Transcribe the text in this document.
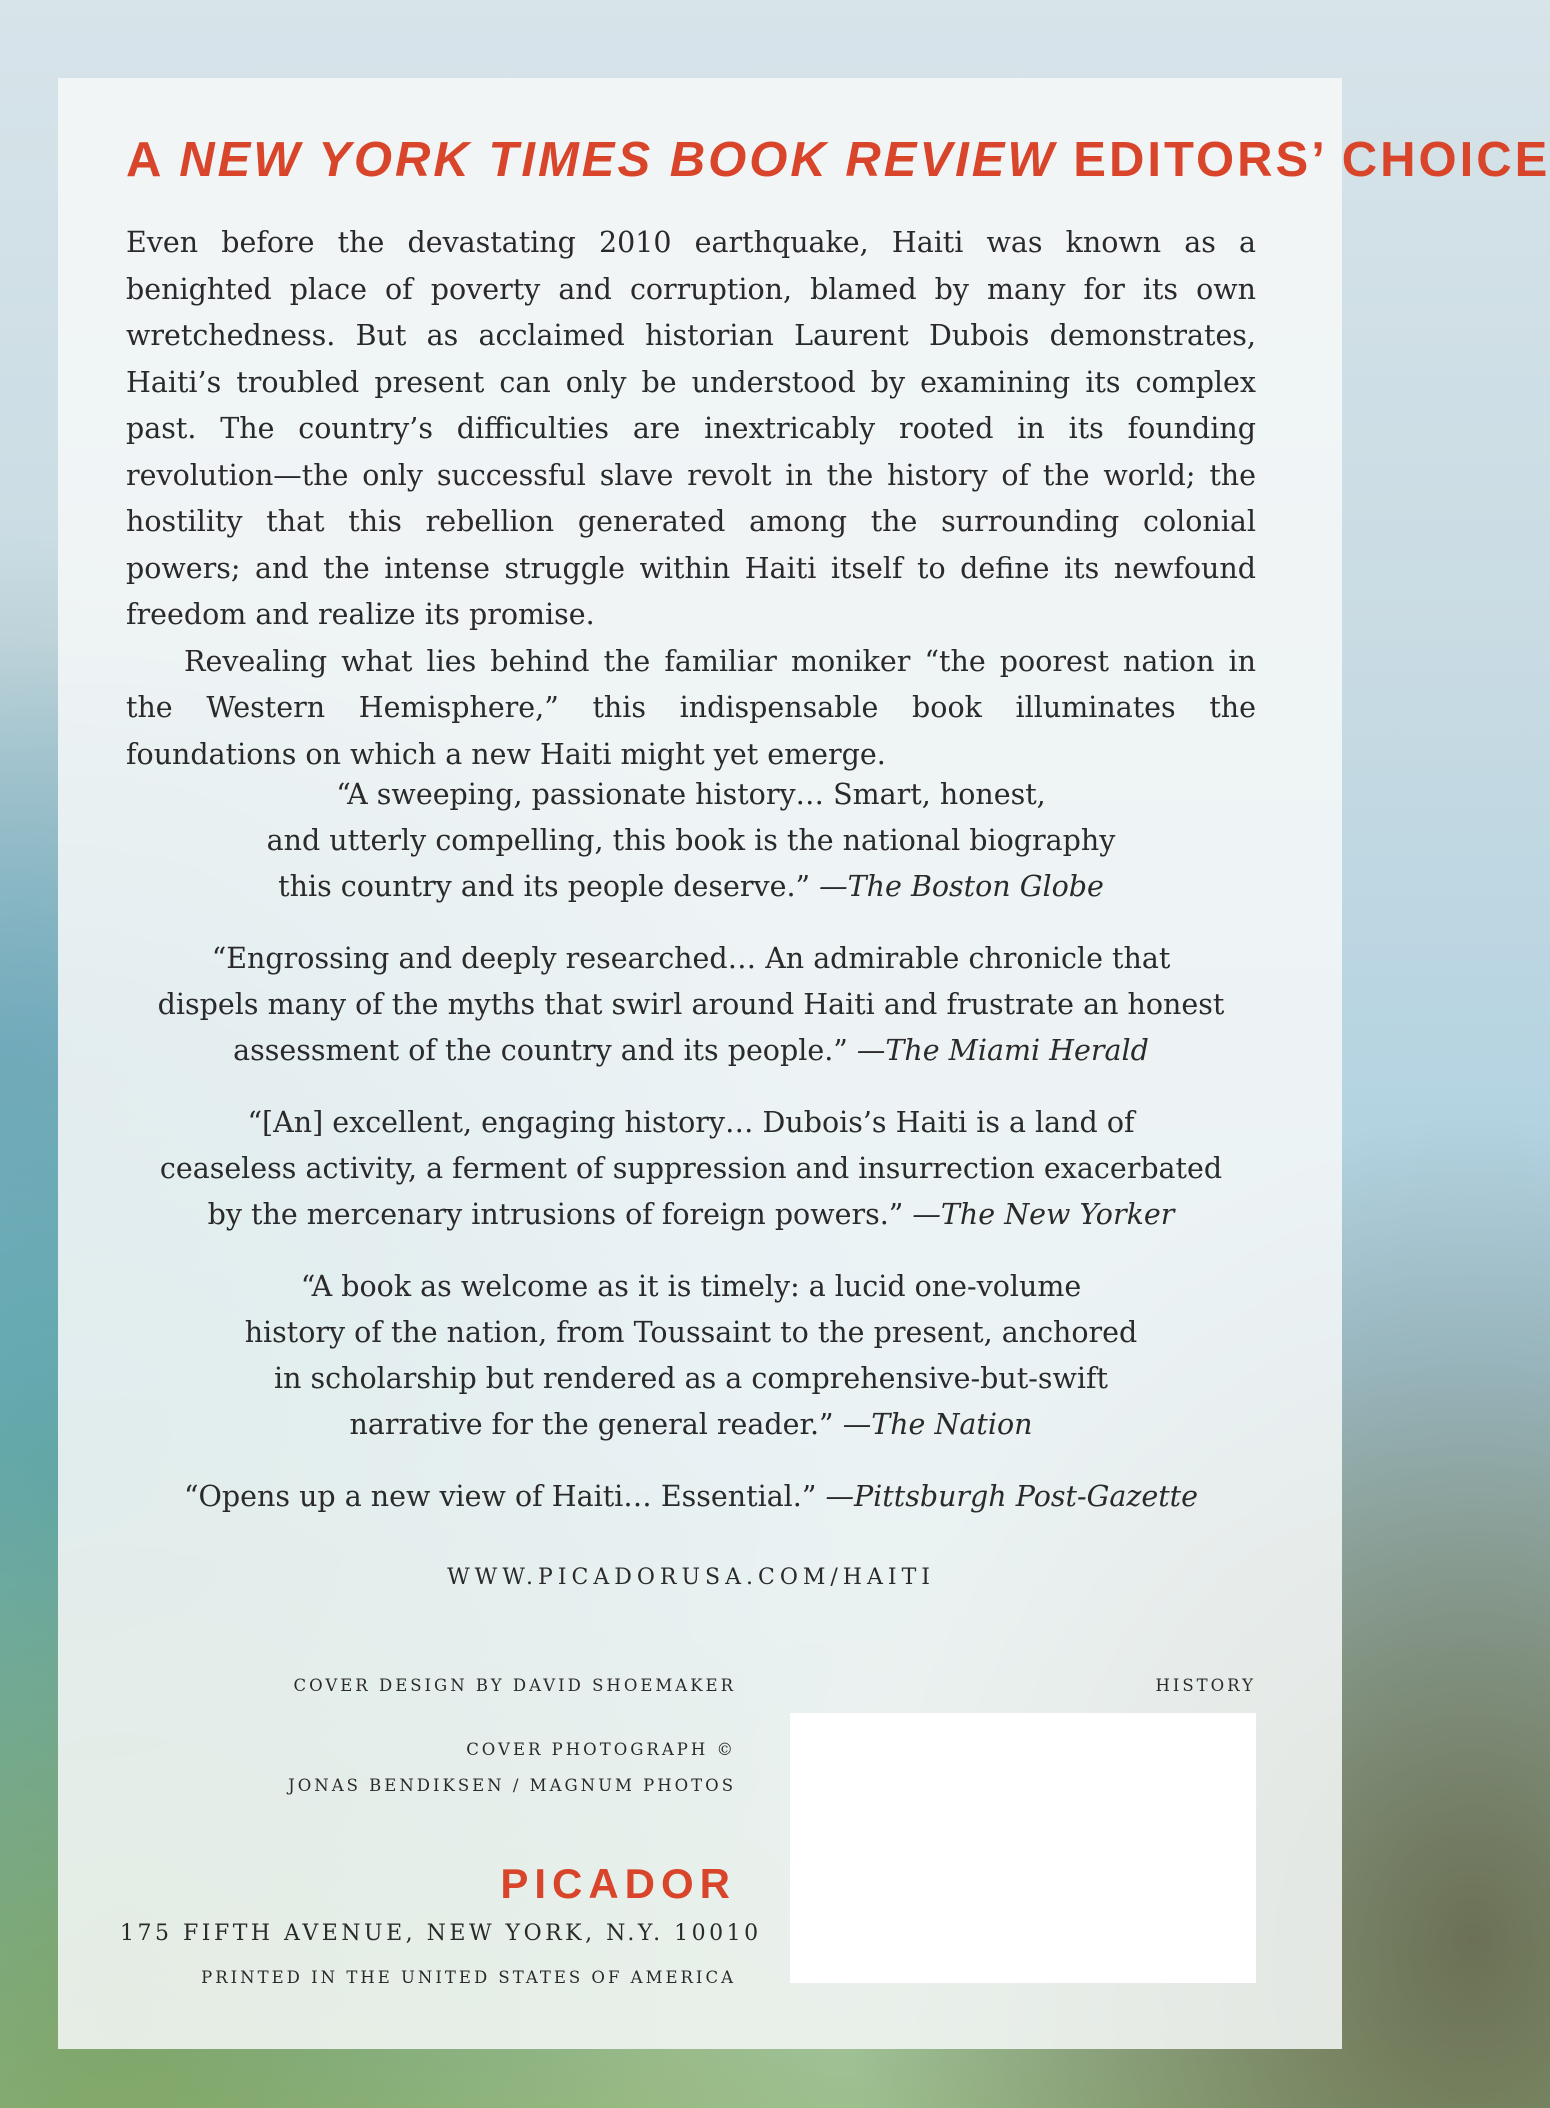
A NEW YORK TIMES BOOK REVIEW EDITORS’ CHOICE

Even before the devastating 2010 earthquake, Haiti was known as a benighted place of poverty and corruption, blamed by many for its own wretchedness. But as acclaimed historian Laurent Dubois demonstrates, Haiti’s troubled present can only be understood by examining its complex past. The country’s difficulties are inextricably rooted in its founding revolution—the only successful slave revolt in the history of the world; the hostility that this rebellion generated among the surrounding colonial powers; and the intense struggle within Haiti itself to define its newfound freedom and realize its promise.

Revealing what lies behind the familiar moniker “the poorest nation in the Western Hemisphere,” this indispensable book illuminates the foundations on which a new Haiti might yet emerge.

“A sweeping, passionate history… Smart, honest,
and utterly compelling, this book is the national biography
this country and its people deserve.” —The Boston Globe
“Engrossing and deeply researched… An admirable chronicle that
dispels many of the myths that swirl around Haiti and frustrate an honest
assessment of the country and its people.” —The Miami Herald
“[An] excellent, engaging history… Dubois’s Haiti is a land of
ceaseless activity, a ferment of suppression and insurrection exacerbated
by the mercenary intrusions of foreign powers.” —The New Yorker
“A book as welcome as it is timely: a lucid one-volume
history of the nation, from Toussaint to the present, anchored
in scholarship but rendered as a comprehensive-but-swift
narrative for the general reader.” —The Nation
“Opens up a new view of Haiti… Essential.” —Pittsburgh Post-Gazette

WWW.PICADORUSA.COM/HAITI

COVER DESIGN BY DAVID SHOEMAKER

COVER PHOTOGRAPH ©

JONAS BENDIKSEN / MAGNUM PHOTOS

HISTORY

PICADOR

175 FIFTH AVENUE, NEW YORK, N.Y. 10010

PRINTED IN THE UNITED STATES OF AMERICA
